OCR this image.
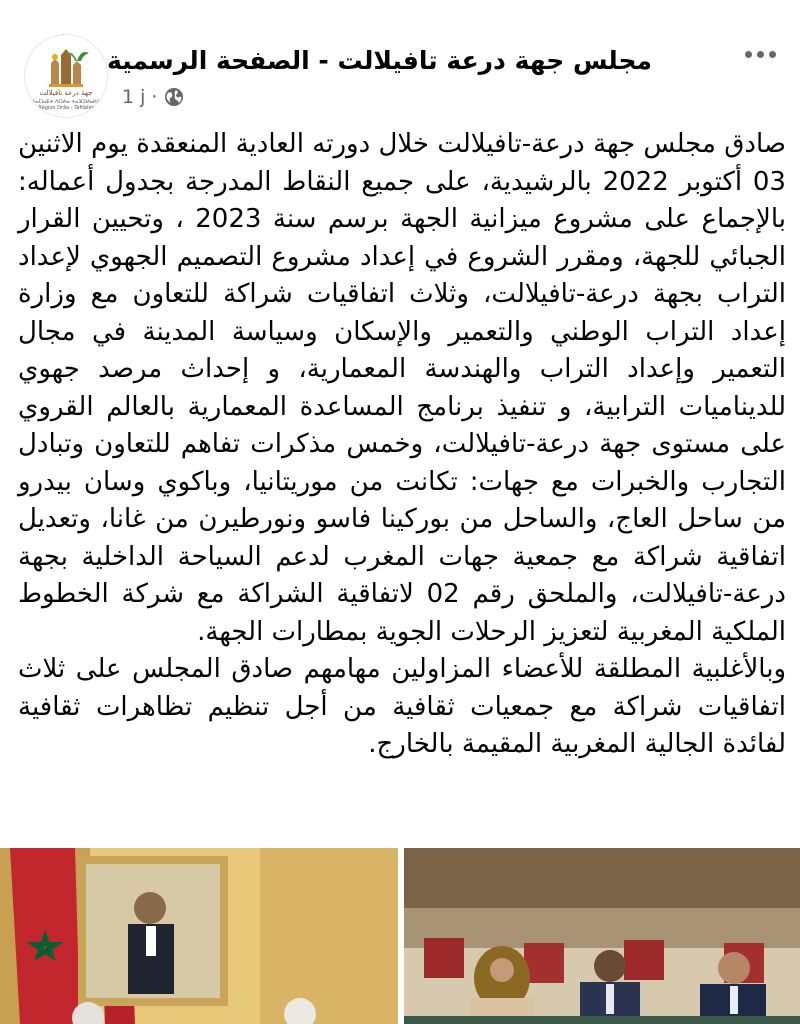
جهة درعة تافيلالت
ⵜⴰⵎⵏⴰⴹⵜ ⴷⵔⵄⴰ ⵜⴰⴼⵉⵍⴰⵍⵜ
Région Drâa - Tafilalet
مجلس جهة درعة تافيلالت - الصفحة الرسمية
1 j ·

صادق مجلس جهة درعة-تافيلالت خلال دورته العادية المنعقدة يوم الاثنين 03 أكتوبر 2022 بالرشيدية، على جميع النقاط المدرجة بجدول أعماله: بالإجماع على مشروع ميزانية الجهة برسم سنة 2023 ، وتحيين القرار الجبائي للجهة، ومقرر الشروع في إعداد مشروع التصميم الجهوي لإعداد التراب بجهة درعة-تافيلالت، وثلاث اتفاقيات شراكة للتعاون مع وزارة إعداد التراب الوطني والتعمير والإسكان وسياسة المدينة في مجال التعمير وإعداد التراب والهندسة المعمارية، و إحداث مرصد جهوي للديناميات الترابية، و تنفيذ برنامج المساعدة المعمارية بالعالم القروي على مستوى جهة درعة-تافيلالت، وخمس مذكرات تفاهم للتعاون وتبادل التجارب والخبرات مع جهات: تكانت من موريتانيا، وباكوي وسان بيدرو من ساحل العاج، والساحل من بوركينا فاسو ونورطيرن من غانا، وتعديل اتفاقية شراكة مع جمعية جهات المغرب لدعم السياحة الداخلية بجهة درعة-تافيلالت، والملحق رقم 02 لاتفاقية الشراكة مع شركة الخطوط الملكية المغربية لتعزيز الرحلات الجوية بمطارات الجهة.

وبالأغلبية المطلقة للأعضاء المزاولين مهامهم صادق المجلس على ثلاث اتفاقيات شراكة مع جمعيات ثقافية من أجل تنظيم تظاهرات ثقافية لفائدة الجالية المغربية المقيمة بالخارج.
